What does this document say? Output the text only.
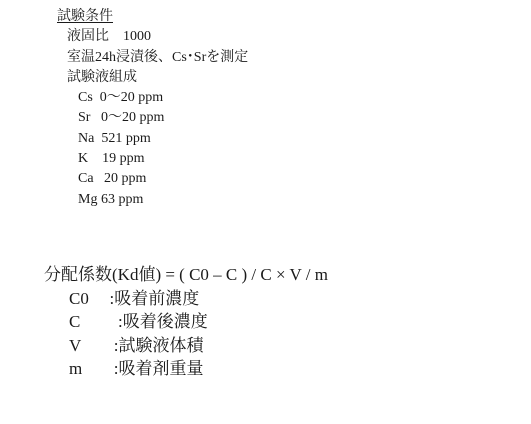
試験条件
液固比　1000
室温24h浸漬後、Cs･Srを測定
試験液組成
Cs  0～20 ppm
Sr   0～20 ppm
Na  521 ppm
K    19 ppm
Ca   20 ppm
Mg 63 ppm
分配係数(Kd値) = ( C0 – C ) / C × V / m
C0 :吸着前濃度
C	:吸着後濃度
V	:試験液体積
m	:吸着剤重量
